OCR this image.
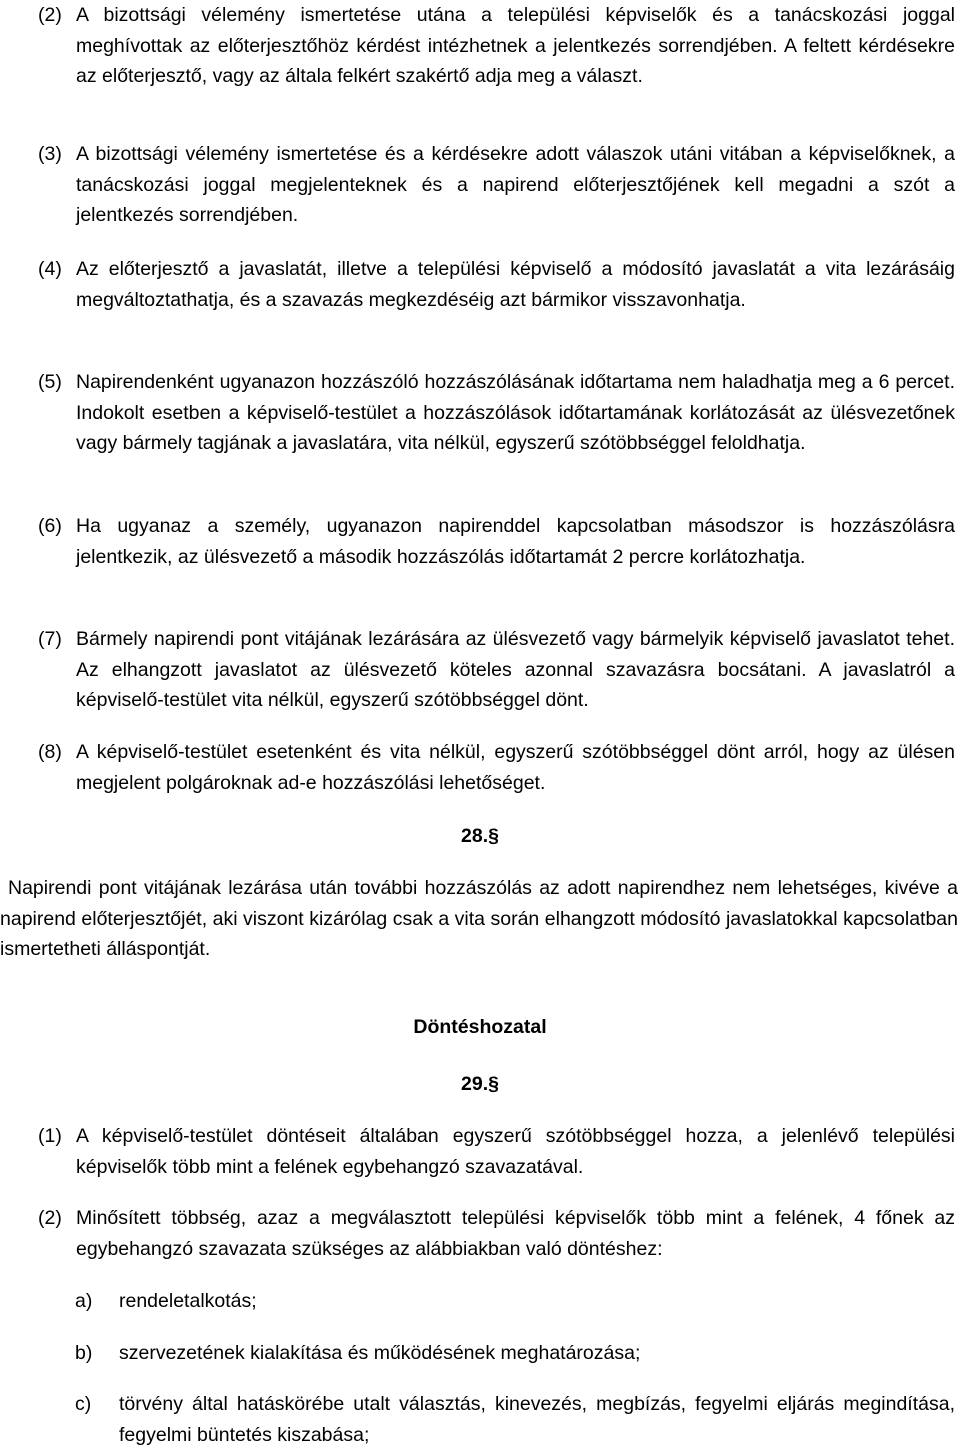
(2) A bizottsági vélemény ismertetése utána a települési képviselők és a tanácskozási joggal meghívottak az előterjesztőhöz kérdést intézhetnek a jelentkezés sorrendjében. A feltett kérdésekre az előterjesztő, vagy az általa felkért szakértő adja meg a választ.
(3) A bizottsági vélemény ismertetése és a kérdésekre adott válaszok utáni vitában a képviselőknek, a tanácskozási joggal megjelenteknek és a napirend előterjesztőjének kell megadni a szót a jelentkezés sorrendjében.
(4) Az előterjesztő a javaslatát, illetve a települési képviselő a módosító javaslatát a vita lezárásáig megváltoztathatja, és a szavazás megkezdéséig azt bármikor visszavonhatja.
(5) Napirendenként ugyanazon hozzászóló hozzászólásának időtartama nem haladhatja meg a 6 percet. Indokolt esetben a képviselő-testület a hozzászólások időtartamának korlátozását az ülésvezetőnek vagy bármely tagjának a javaslatára, vita nélkül, egyszerű szótöbbséggel feloldhatja.
(6) Ha ugyanaz a személy, ugyanazon napirenddel kapcsolatban másodszor is hozzászólásra jelentkezik, az ülésvezető a második hozzászólás időtartamát 2 percre korlátozhatja.
(7) Bármely napirendi pont vitájának lezárására az ülésvezető vagy bármelyik képviselő javaslatot tehet. Az elhangzott javaslatot az ülésvezető köteles azonnal szavazásra bocsátani. A javaslatról a képviselő-testület vita nélkül, egyszerű szótöbbséggel dönt.
(8) A képviselő-testület esetenként és vita nélkül, egyszerű szótöbbséggel dönt arról, hogy az ülésen megjelent polgároknak ad-e hozzászólási lehetőséget.
28.§
Napirendi pont vitájának lezárása után további hozzászólás az adott napirendhez nem lehetséges, kivéve a napirend előterjesztőjét, aki viszont kizárólag csak a vita során elhangzott módosító javaslatokkal kapcsolatban ismertetheti álláspontját.
Döntéshozatal
29.§
(1) A képviselő-testület döntéseit általában egyszerű szótöbbséggel hozza, a jelenlévő települési képviselők több mint a felének egybehangzó szavazatával.
(2) Minősített többség, azaz a megválasztott települési képviselők több mint a felének, 4 főnek az egybehangzó szavazata szükséges az alábbiakban való döntéshez:
a) rendeletalkotás;
b) szervezetének kialakítása és működésének meghatározása;
c) törvény által hatáskörébe utalt választás, kinevezés, megbízás, fegyelmi eljárás megindítása, fegyelmi büntetés kiszabása;
